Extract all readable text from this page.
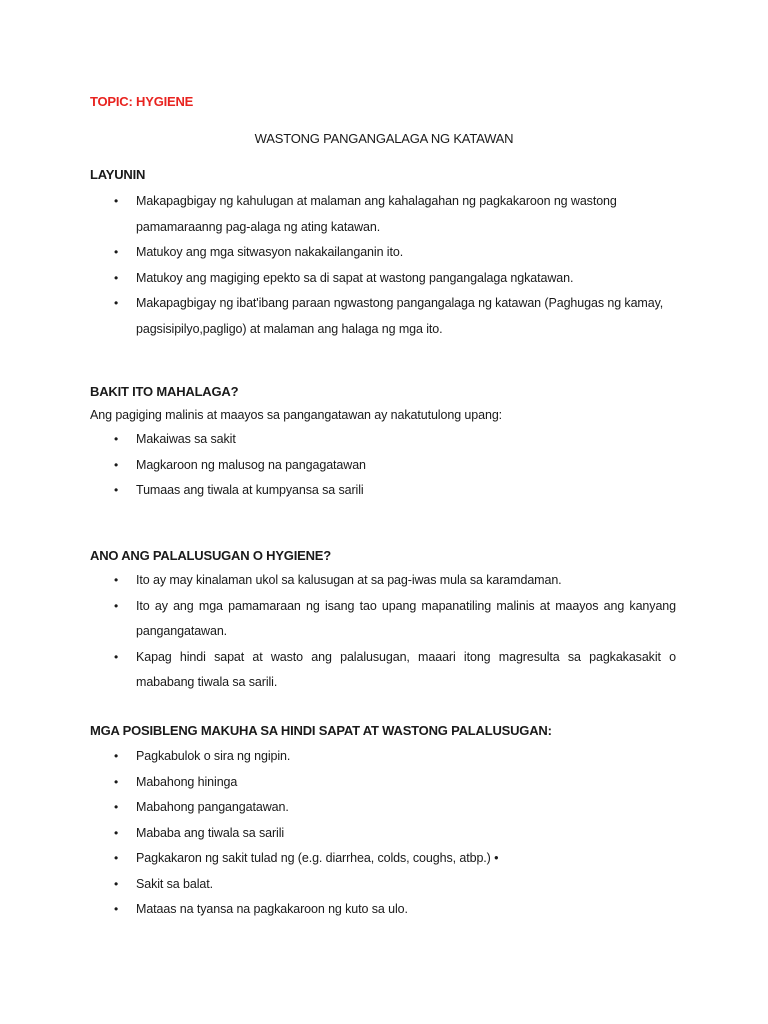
TOPIC: HYGIENE
WASTONG PANGANGALAGA NG KATAWAN
LAYUNIN
• Makapagbigay ng kahulugan at malaman ang kahalagahan ng pagkakaroon ng wastong pamamaraanng pag-alaga ng ating katawan.
• Matukoy ang mga sitwasyon nakakailanganin ito.
• Matukoy ang magiging epekto sa di sapat at wastong pangangalaga ngkatawan.
• Makapagbigay ng ibat'ibang paraan ngwastong pangangalaga ng katawan (Paghugas ng kamay, pagsisipilyo,pagligo) at malaman ang halaga ng mga ito.
BAKIT ITO MAHALAGA?
Ang pagiging malinis at maayos sa pangangatawan ay nakatutulong upang:
• Makaiwas sa sakit
• Magkaroon ng malusog na pangagatawan
• Tumaas ang tiwala at kumpyansa sa sarili
ANO ANG PALALUSUGAN O HYGIENE?
• Ito ay may kinalaman ukol sa kalusugan at sa pag-iwas mula sa karamdaman.
• Ito ay ang mga pamamaraan ng isang tao upang mapanatiling malinis at maayos ang kanyang pangangatawan.
• Kapag hindi sapat at wasto ang palalusugan, maaari itong magresulta sa pagkakasakit o mababang tiwala sa sarili.
MGA POSIBLENG MAKUHA SA HINDI SAPAT AT WASTONG PALALUSUGAN:
• Pagkabulok o sira ng ngipin.
• Mabahong hininga
• Mabahong pangangatawan.
• Mababa ang tiwala sa sarili
• Pagkakaron ng sakit tulad ng (e.g. diarrhea, colds, coughs, atbp.) •
• Sakit sa balat.
• Mataas na tyansa na pagkakaroon ng kuto sa ulo.
